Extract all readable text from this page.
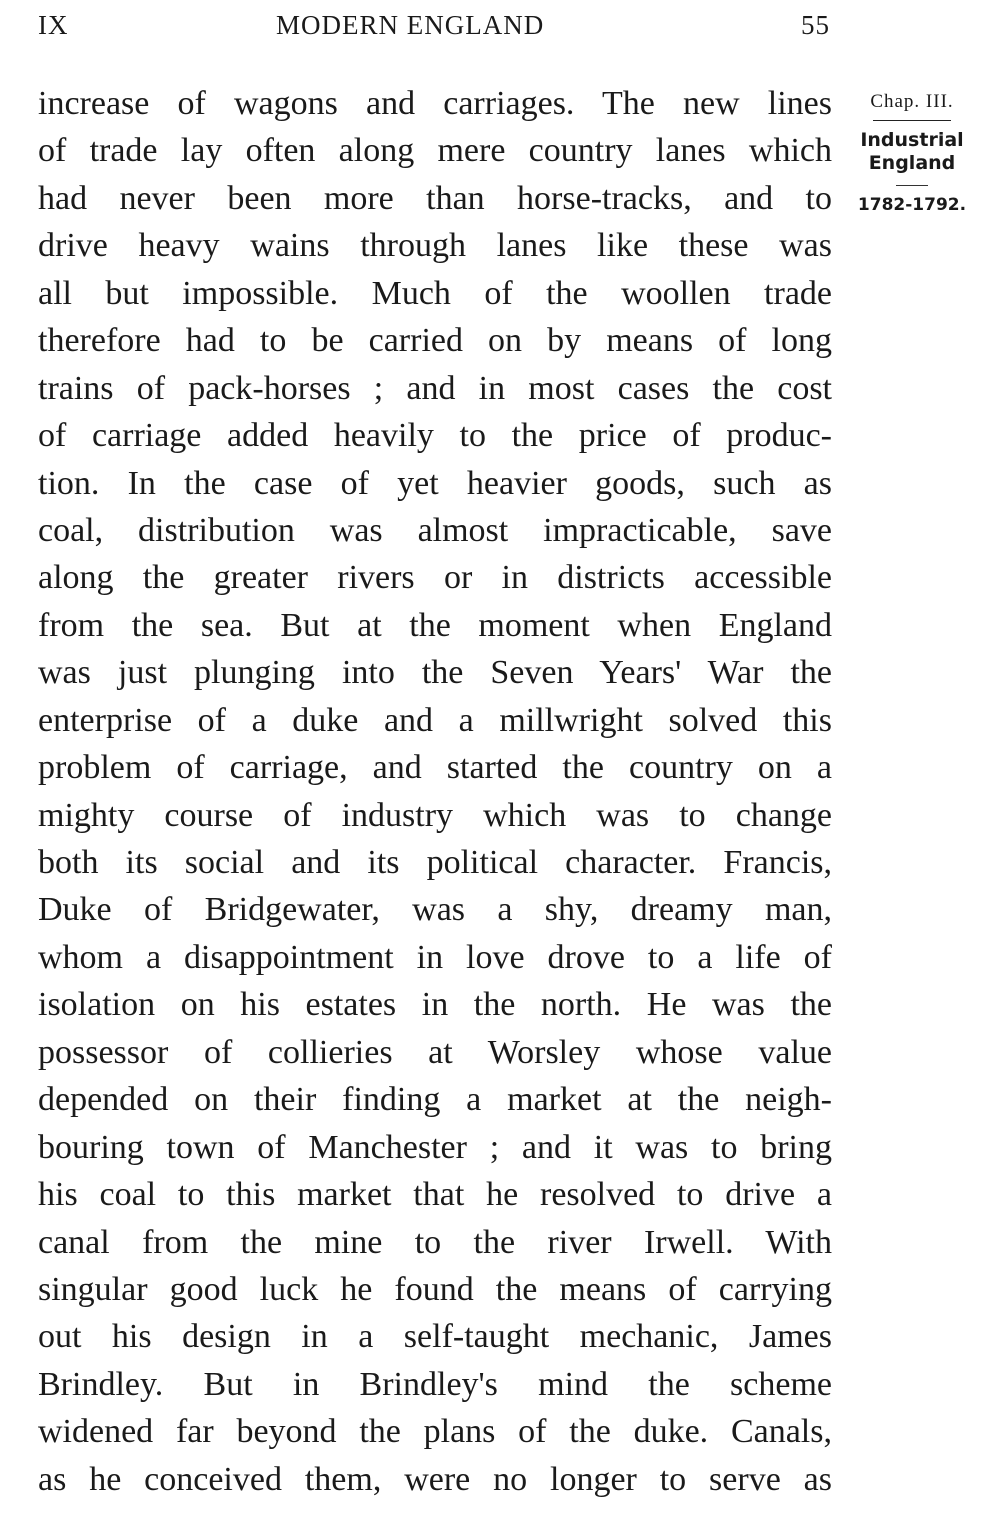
IX	MODERN ENGLAND	55
Chap. III.
Industrial
England
1782-1792.
increase of wagons and carriages. The new lines
of trade lay often along mere country lanes which
had never been more than horse-tracks, and to
drive heavy wains through lanes like these was
all but impossible. Much of the woollen trade
therefore had to be carried on by means of long
trains of pack-horses ; and in most cases the cost
of carriage added heavily to the price of produc-
tion. In the case of yet heavier goods, such as
coal, distribution was almost impracticable, save
along the greater rivers or in districts accessible
from the sea. But at the moment when England
was just plunging into the Seven Years' War the
enterprise of a duke and a millwright solved this
problem of carriage, and started the country on a
mighty course of industry which was to change
both its social and its political character. Francis,
Duke of Bridgewater, was a shy, dreamy man,
whom a disappointment in love drove to a life of
isolation on his estates in the north. He was the
possessor of collieries at Worsley whose value
depended on their finding a market at the neigh-
bouring town of Manchester ; and it was to bring
his coal to this market that he resolved to drive a
canal from the mine to the river Irwell. With
singular good luck he found the means of carrying
out his design in a self-taught mechanic, James
Brindley. But in Brindley's mind the scheme
widened far beyond the plans of the duke. Canals,
as he conceived them, were no longer to serve as
